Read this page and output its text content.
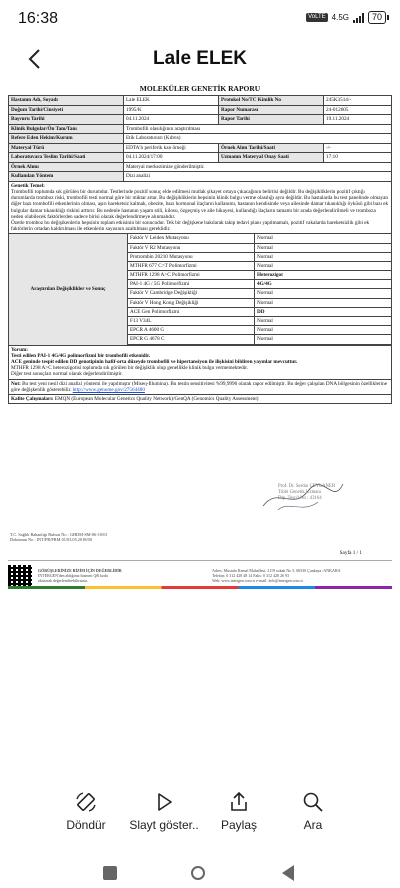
16:38	VoLTE 4.5G	70
Lale ELEK
MOLEKÜLER GENETİK RAPORU
Hastanın Adı, Soyadı	Lale ELEK	Protokol No/TC Kimlik No	245K3514/-
Doğum Tarihi/Cinsiyeti	1995/K	Rapor Numarası	24-012605
Başvuru Tarihi	04.11.2024	Rapor Tarihi	19.11.2024
Klinik Bulgular/Ön Tanı/Tanı	Trombofili olasılığının araştırılması		
Refere Eden Hekim/Kurum	Etik Laboratuvarı (Kıbrıs)		
Materyal Türü	EDTA'lı periferik kan örneği	Örnek Alım Tarihi/Saati	-/-
Laboratuvara Teslim Tarihi/Saati	04.11.2024/17:00	Uzmanın Materyal Onay Saati	17:10
Örnek Alımı	Materyal merkezimize gönderilmiştir.		
Kullanılan Yöntem	Dizi analizi		
Genetik Temel:
Trombofili toplumda sık görülen bir durumdur. Testlerinde pozitif sonuç elde edilmesi mutlak şikayet ortaya çıkacağının belirtisi değildir. Bu değişikliklerin pozitif çıktığı durumlarda tromboz riski, trombofili testi normal göre bir miktar artar. Bu değişikliklerin hepsinin klinik bulgu verme olasılığı aynı değildir. Bu hastalarda bu test panelinde olmayan diğer bazı trombofili etkenlerinin olması, aşırı hareketsiz kalmak, obezite, bazı hormonal ilaçların kullanımı, hastanın kendisinde veya ailesinde damar tıkanıklığı öyküsü gibi bazı ek bulgular damar tıkanıklığı riskini arttırır. Bu nedenle hastanın yaşam stili, kilosu, özgeçmiş ve aile hikayesi, kullandığı ilaçların tamamı bir arada değerlendirilmeli ve tromboza neden olabilecek faktörlerden sadece birisi olarak değerlendirmeye alınmalıdır.
Özetle tromboz bu değişikenlerin hepsinin toplam etkisinin bir sonucudur. Tek bir değişkene bakılarak takip tedavi planı yapılmamalı, pozitif vakalarda hareketsizlik gibi ek faktörlerin ortadan kaldırılması ile etkenlerin sayısının azaltılması gereklidir.
Araştırılan Değişiklikler ve Sonuç
Faktör V Leiden Mutasyonu	Normal
Faktör V R2 Mutasyonu	Normal
Protrombin 20210 Mutasyonu	Normal
MTHFR 677 C>T Polimorfizmi	Normal
MTHFR 1298 A>C Polimorfizmi	Heterozigot
PAI-1 4G / 5G Polimorfizmi	4G/4G
Faktör V Cambridge Değişikliği	Normal
Faktör V Hong Kong Değişikliği	Normal
ACE Gen Polimorfizmi	DD
F13 V34L	Normal
EPCR A 4600 G	Normal
EPCR G 4678 C	Normal
Yorum:
Testi edilen PAI-1 4G/4G polimorfizmi bir trombofili etkenidir.
ACE geninde tespit edilen DD genotipinin hafif-orta düzeyde trombofili ve hipertansiyon ile ilişkisini bildiren yayınlar mevcuttur.
MTHFR 1298 A>C heterozigotisi toplumda sık görülen bir değişiklik olup genellikle klinik bulgu vermemektedir.
Diğer test sonuçları normal olarak değerlendirilmiştir.
Not: Bu test yeni nesil dizi analizi yöntemi ile yapılmıştır (Miseq-Illumina). Bu testin sensitivitesi %99,9996 olarak rapor edilmiştir. Bu değer çalışılan DNA bölgesinin özelliklerine göre değişkenlik gösterebilir. http://www.genome.gov/27564480
Kalite Çalışmaları: EMQN (European Molecular Genetics Quality Network)/GenQA (Genomics Quality Assessment)
Prof. Dr. Serdar CEYLANER
Tıbbi Genetik Uzmanı
Dip. Tescil No : 43164
T.C. Sağlık Bakanlığı Ruhsat No : GHDM-SM-06-10/01
Doküman No : INT/PR/FRM 01/03.05.2018/00
Sayfa 1 / 1
GÖRÜŞLERİNİZE BİZİM İÇİN DEĞERLİDİR
İNTERGEN'den aldığınız hizmeti QR kodu
okutarak değerlendirebilirsiniz.
Adres: Mustafa Kemal Mahallesi, 2119 sokak No 5, 06530 Çankaya /ANKARA
Telefon: 0 312 428 48 14 Faks: 0 312 428 26 93
Web: www.intergen.com.tr e-mail: info@intergen.com.tr
Döndür	Slayt göster..	Paylaş	Ara
